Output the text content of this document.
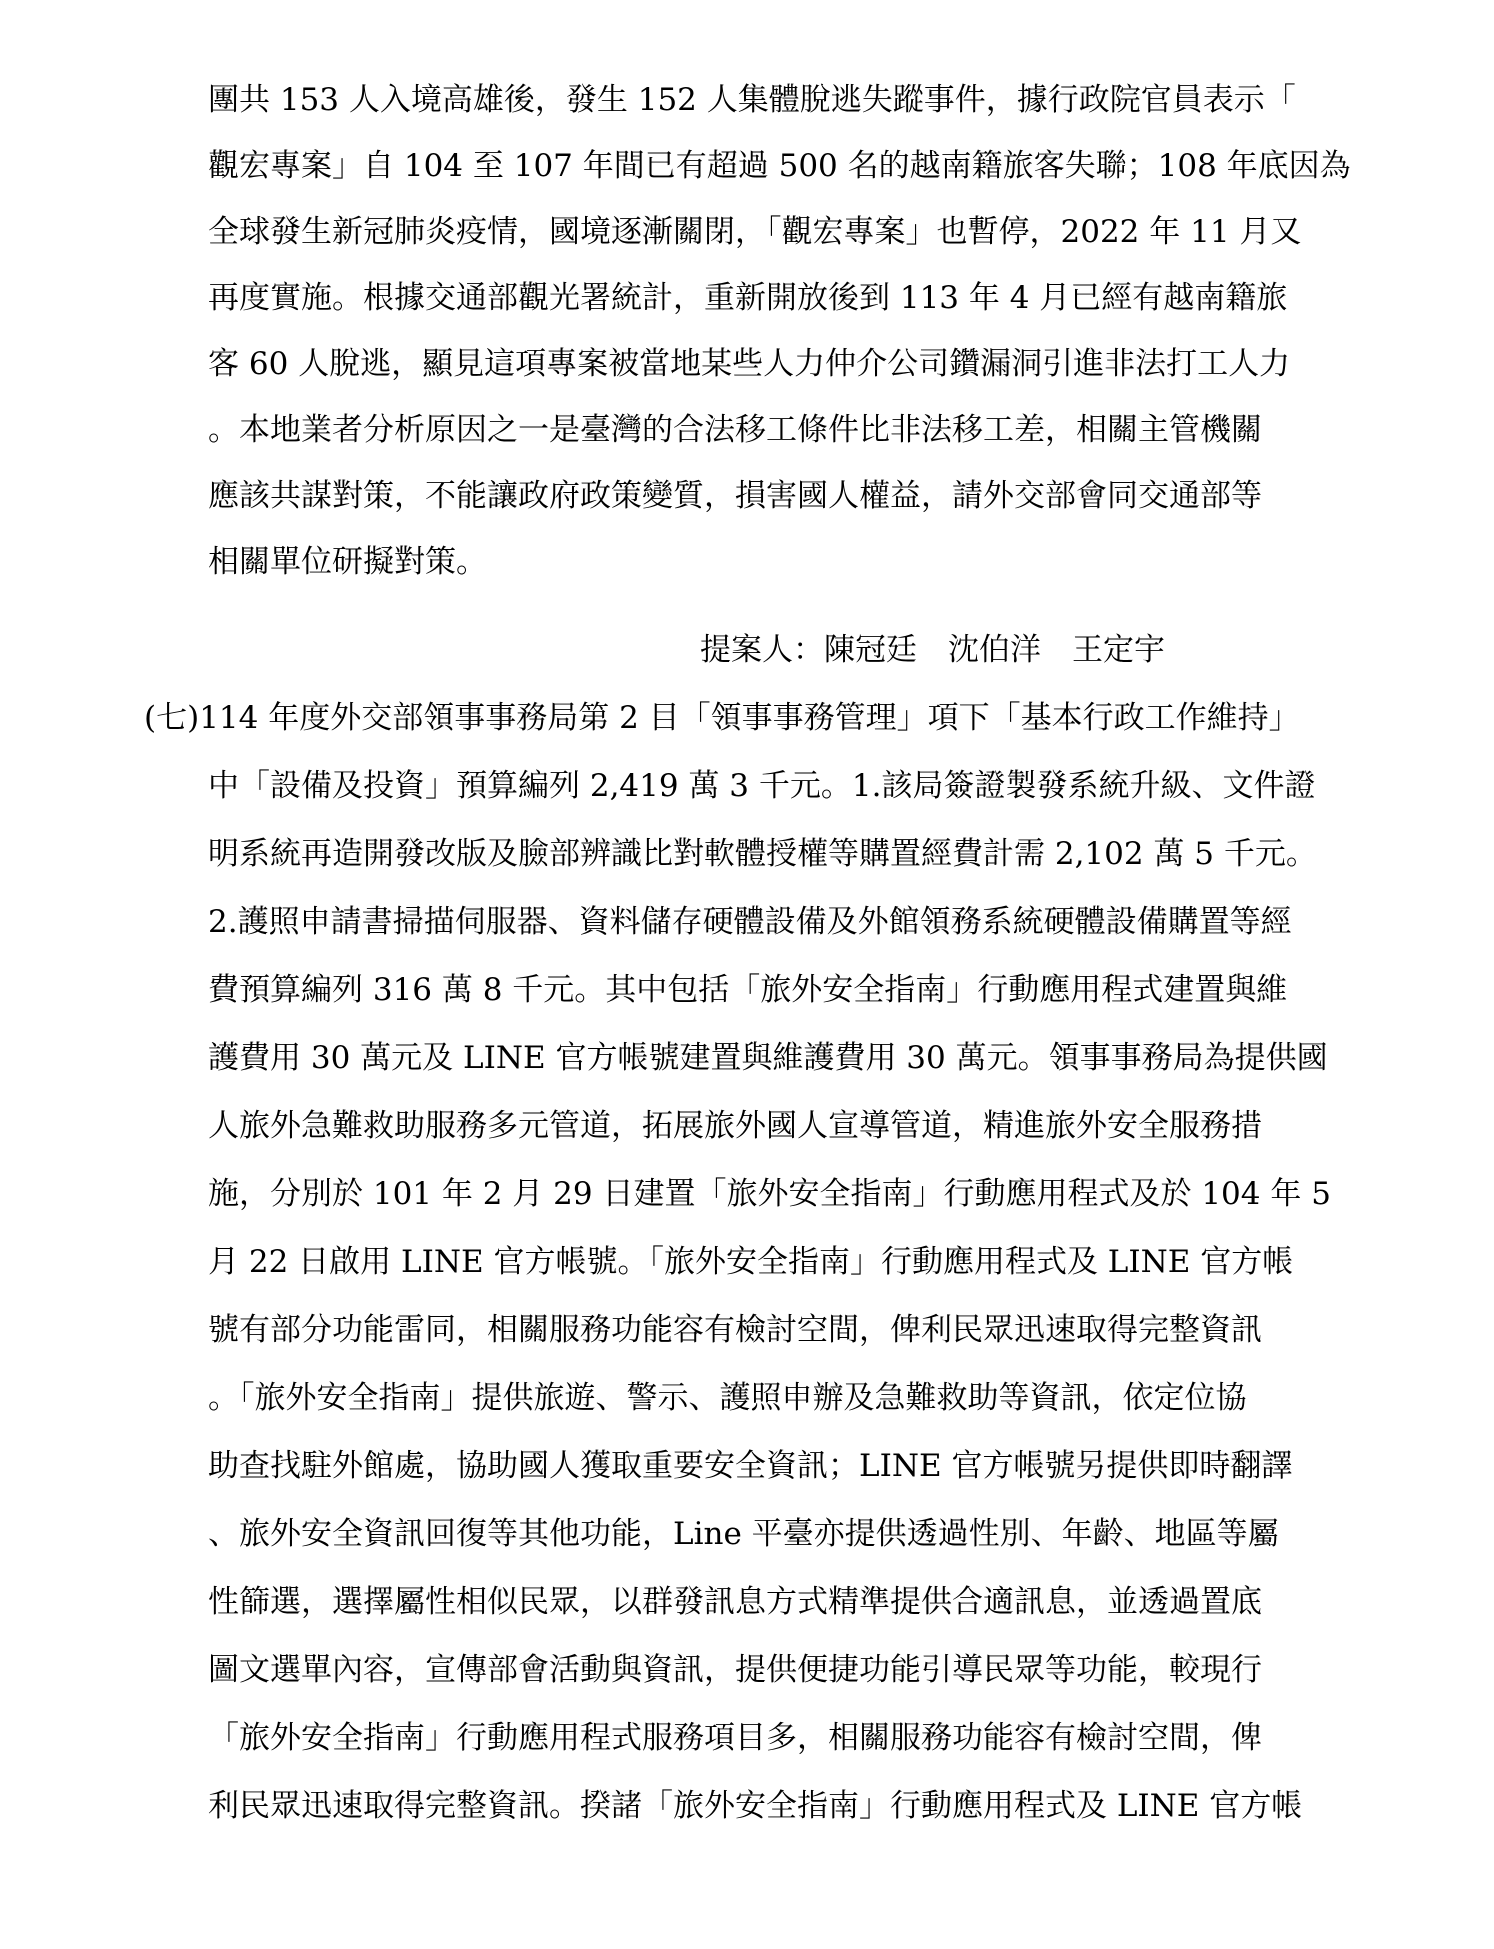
團共 153 人入境高雄後，發生 152 人集體脫逃失蹤事件，據行政院官員表示「
觀宏專案」自 104 至 107 年間已有超過 500 名的越南籍旅客失聯；108 年底因為
全球發生新冠肺炎疫情，國境逐漸關閉，「觀宏專案」也暫停，2022 年 11 月又
再度實施。根據交通部觀光署統計，重新開放後到 113 年 4 月已經有越南籍旅
客 60 人脫逃，顯見這項專案被當地某些人力仲介公司鑽漏洞引進非法打工人力
。本地業者分析原因之一是臺灣的合法移工條件比非法移工差，相關主管機關
應該共謀對策，不能讓政府政策變質，損害國人權益，請外交部會同交通部等
相關單位研擬對策。
提案人：陳冠廷　沈伯洋　王定宇
(七)114 年度外交部領事事務局第 2 目「領事事務管理」項下「基本行政工作維持」
中「設備及投資」預算編列 2,419 萬 3 千元。1.該局簽證製發系統升級、文件證
明系統再造開發改版及臉部辨識比對軟體授權等購置經費計需 2,102 萬 5 千元。
2.護照申請書掃描伺服器、資料儲存硬體設備及外館領務系統硬體設備購置等經
費預算編列 316 萬 8 千元。其中包括「旅外安全指南」行動應用程式建置與維
護費用 30 萬元及 LINE 官方帳號建置與維護費用 30 萬元。領事事務局為提供國
人旅外急難救助服務多元管道，拓展旅外國人宣導管道，精進旅外安全服務措
施，分別於 101 年 2 月 29 日建置「旅外安全指南」行動應用程式及於 104 年 5
月 22 日啟用 LINE 官方帳號。「旅外安全指南」行動應用程式及 LINE 官方帳
號有部分功能雷同，相關服務功能容有檢討空間，俾利民眾迅速取得完整資訊
。「旅外安全指南」提供旅遊、警示、護照申辦及急難救助等資訊，依定位協
助查找駐外館處，協助國人獲取重要安全資訊；LINE 官方帳號另提供即時翻譯
、旅外安全資訊回復等其他功能，Line 平臺亦提供透過性別、年齡、地區等屬
性篩選，選擇屬性相似民眾，以群發訊息方式精準提供合適訊息，並透過置底
圖文選單內容，宣傳部會活動與資訊，提供便捷功能引導民眾等功能，較現行
「旅外安全指南」行動應用程式服務項目多，相關服務功能容有檢討空間，俾
利民眾迅速取得完整資訊。揆諸「旅外安全指南」行動應用程式及 LINE 官方帳
